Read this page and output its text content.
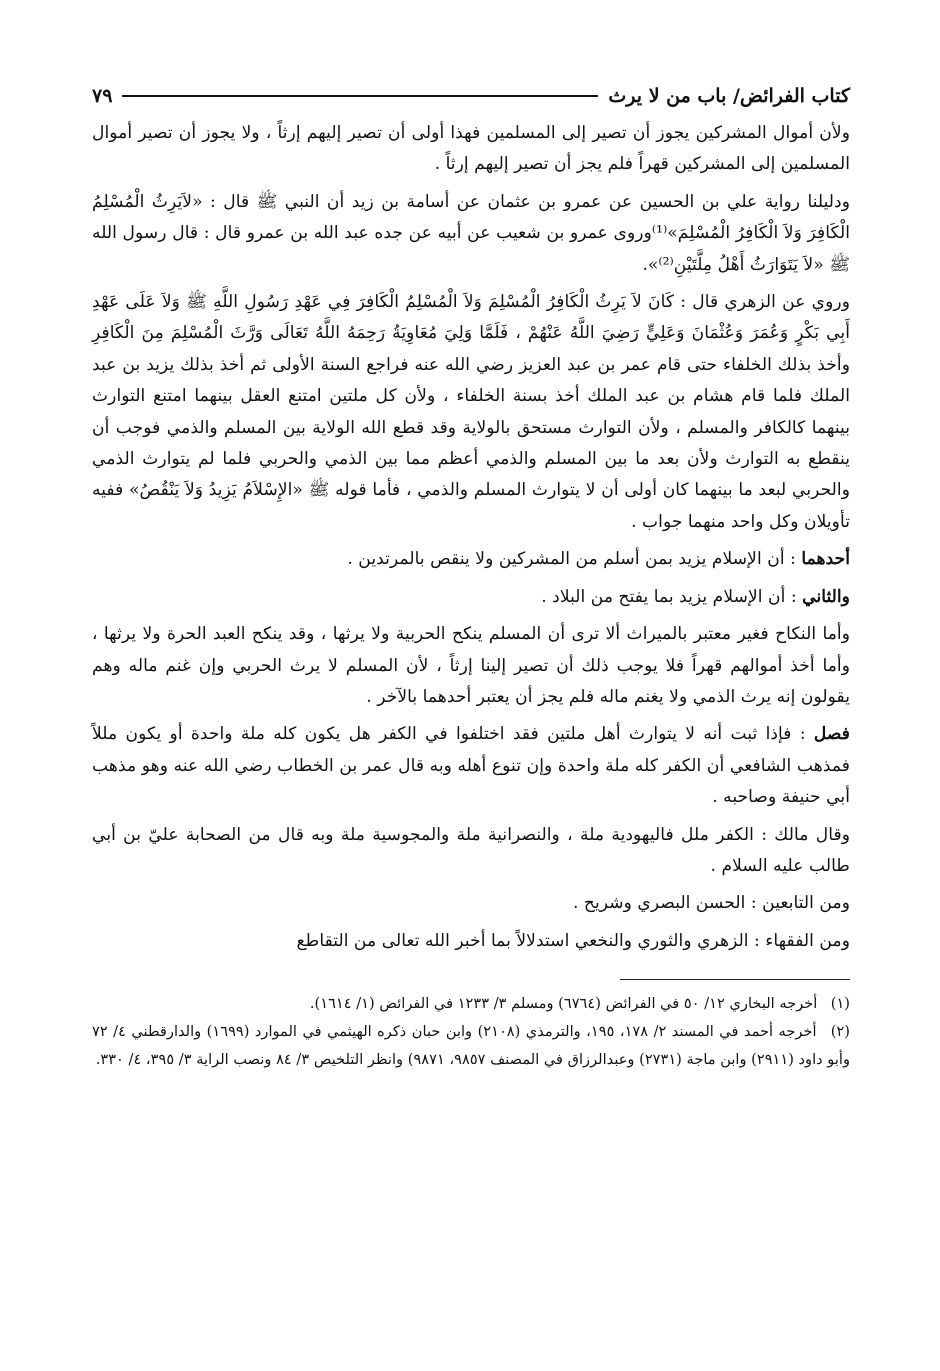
كتاب الفرائض/ باب من لا يرث
٧٩

ولأن أموال المشركين يجوز أن تصير إلى المسلمين فهذا أولى أن تصير إليهم إرثاً ، ولا يجوز أن تصير أموال المسلمين إلى المشركين قهراً فلم يجز أن تصير إليهم إرثاً .

ودليلنا رواية علي بن الحسين عن عمرو بن عثمان عن أسامة بن زيد أن النبي ﷺ قال : «لاَيَرِثُ الْمُسْلِمُ الْكَافِرَ وَلاَ الْكَافِرُ الْمُسْلِمَ»⁽¹⁾وروى عمرو بن شعيب عن أبيه عن جده عبد الله بن عمرو قال : قال رسول الله ﷺ «لاَ يَتَوَارَثُ أَهْلُ مِلَّتَيْنِ⁽²⁾».

وروي عن الزهري قال : كَانَ لاَ يَرِثُ الْكَافِرُ الْمُسْلِمَ وَلاَ الْمُسْلِمُ الْكَافِرَ فِي عَهْدِ رَسُولِ اللَّهِ ﷺ وَلاَ عَلَى عَهْدِ أَبِي بَكْرٍ وَعُمَرَ وَعُثْمَانَ وَعَلِيٍّ رَضِيَ اللَّهُ عَنْهُمْ ، فَلَمَّا وَلِيَ مُعَاوِيَةُ رَحِمَهُ اللَّهُ تَعَالَى وَرَّثَ الْمُسْلِمَ مِنَ الْكَافِرِ وأخذ بذلك الخلفاء حتى قام عمر بن عبد العزيز رضي الله عنه فراجع السنة الأولى ثم أخذ بذلك يزيد بن عبد الملك فلما قام هشام بن عبد الملك أخذ بسنة الخلفاء ، ولأن كل ملتين امتنع العقل بينهما امتنع التوارث بينهما كالكافر والمسلم ، ولأن التوارث مستحق بالولاية وقد قطع الله الولاية بين المسلم والذمي فوجب أن ينقطع به التوارث ولأن بعد ما بين المسلم والذمي أعظم مما بين الذمي والحربي فلما لم يتوارث الذمي والحربي لبعد ما بينهما كان أولى أن لا يتوارث المسلم والذمي ، فأما قوله ﷺ «الإِسْلاَمُ يَزِيدُ وَلاَ يَنْقُصُ» ففيه تأويلان وكل واحد منهما جواب .

أحدهما : أن الإسلام يزيد بمن أسلم من المشركين ولا ينقص بالمرتدين .

والثاني : أن الإسلام يزيد بما يفتح من البلاد .

وأما النكاح فغير معتبر بالميراث ألا ترى أن المسلم ينكح الحربية ولا يرثها ، وقد ينكح العبد الحرة ولا يرثها ، وأما أخذ أموالهم قهراً فلا يوجب ذلك أن تصير إلينا إرثاً ، لأن المسلم لا يرث الحربي وإن غنم ماله وهم يقولون إنه يرث الذمي ولا يغنم ماله فلم يجز أن يعتبر أحدهما بالآخر .

فصل : فإذا ثبت أنه لا يتوارث أهل ملتين فقد اختلفوا في الكفر هل يكون كله ملة واحدة أو يكون مللاً فمذهب الشافعي أن الكفر كله ملة واحدة وإن تنوع أهله وبه قال عمر بن الخطاب رضي الله عنه وهو مذهب أبي حنيفة وصاحبه .

وقال مالك : الكفر ملل فاليهودية ملة ، والنصرانية ملة والمجوسية ملة وبه قال من الصحابة عليّ بن أبي طالب عليه السلام .

ومن التابعين : الحسن البصري وشريح .

ومن الفقهاء : الزهري والثوري والنخعي استدلالاً بما أخبر الله تعالى من التقاطع

(١) أخرجه البخاري ١٢/ ٥٠ في الفرائض (٦٧٦٤) ومسلم ٣/ ١٢٣٣ في الفرائض (١/ ١٦١٤).

(٢) أخرجه أحمد في المسند ٢/ ١٧٨، ١٩٥، والترمذي (٢١٠٨) وابن حبان ذكره الهيثمي في الموارد (١٦٩٩) والدارقطني ٤/ ٧٢ وأبو داود (٢٩١١) وابن ماجة (٢٧٣١) وعبدالرزاق في المصنف ٩٨٥٧، ٩٨٧١) وانظر التلخيص ٣/ ٨٤ ونصب الراية ٣/ ٣٩٥، ٤/ ٣٣٠.
